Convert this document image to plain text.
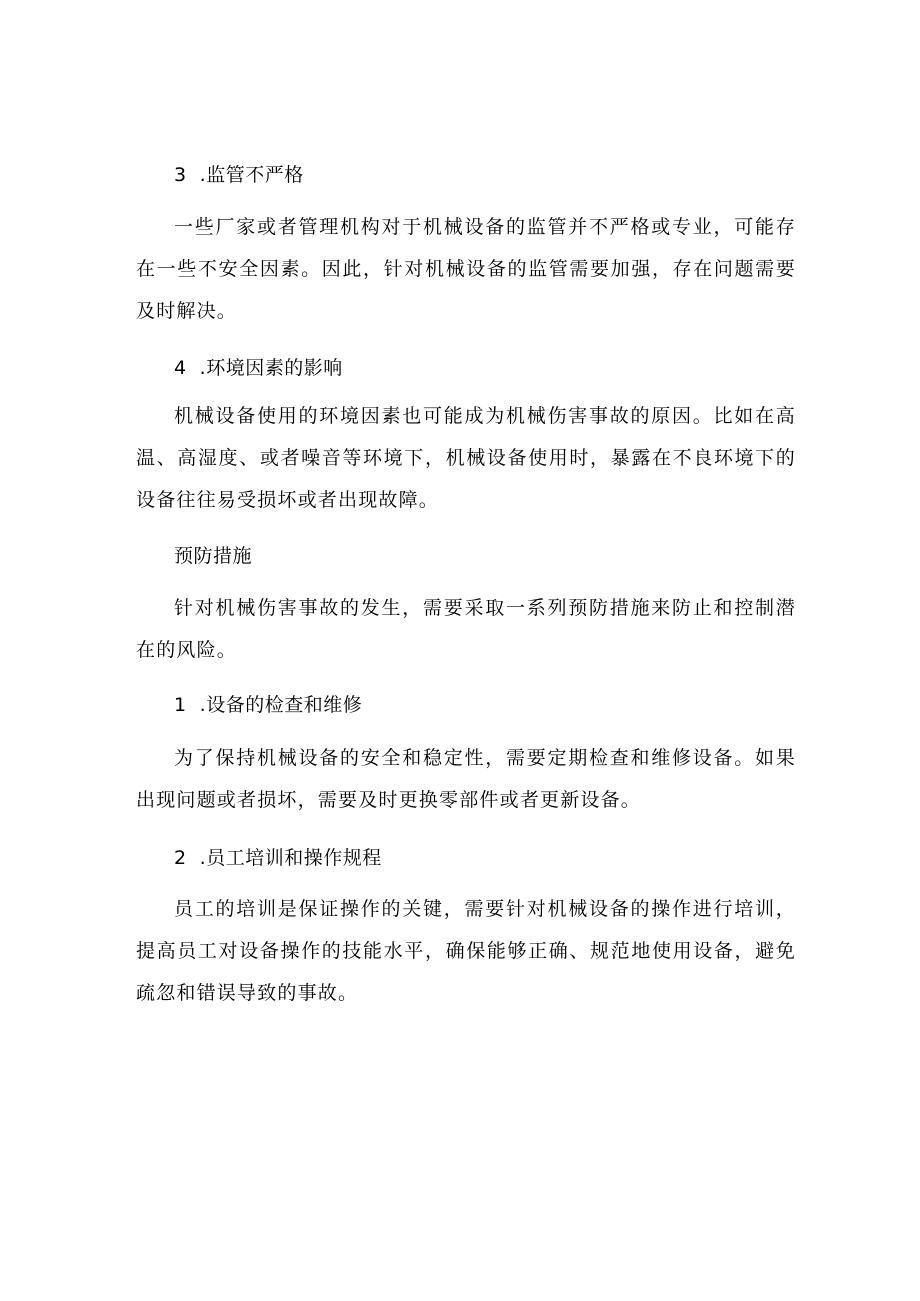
3  .监管不严格

一些厂家或者管理机构对于机械设备的监管并不严格或专业，可能存在一些不安全因素。因此，针对机械设备的监管需要加强，存在问题需要及时解决。

4  .环境因素的影响

机械设备使用的环境因素也可能成为机械伤害事故的原因。比如在高温、高湿度、或者噪音等环境下，机械设备使用时，暴露在不良环境下的设备往往易受损坏或者出现故障。

预防措施

针对机械伤害事故的发生，需要采取一系列预防措施来防止和控制潜在的风险。

1  .设备的检查和维修

为了保持机械设备的安全和稳定性，需要定期检查和维修设备。如果出现问题或者损坏，需要及时更换零部件或者更新设备。

2  .员工培训和操作规程

员工的培训是保证操作的关键，需要针对机械设备的操作进行培训，提高员工对设备操作的技能水平，确保能够正确、规范地使用设备，避免疏忽和错误导致的事故。
